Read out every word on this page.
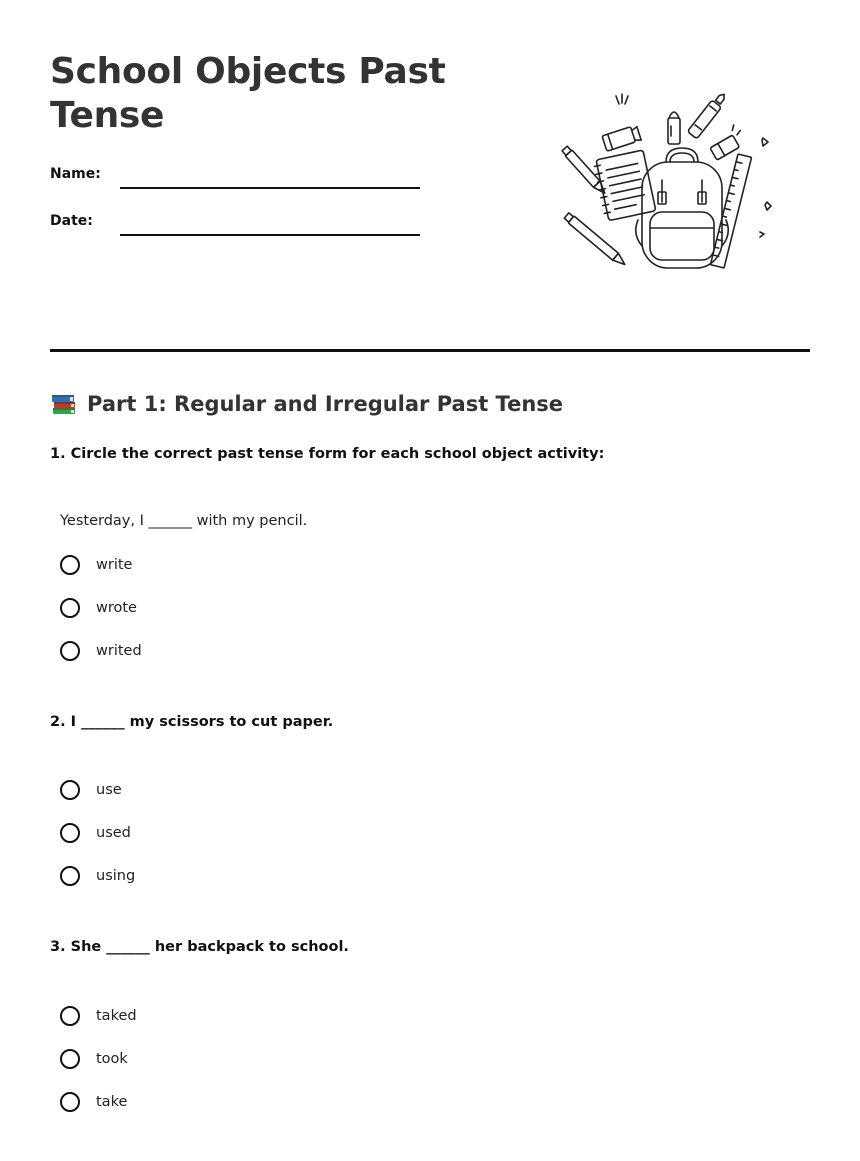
School Objects Past Tense
Name:
Date:
Part 1: Regular and Irregular Past Tense

1. Circle the correct past tense form for each school object activity:

Yesterday, I ______ with my pencil.

write
wrote
writed

2. I ______ my scissors to cut paper.

use
used
using

3. She ______ her backpack to school.

taked
took
take
